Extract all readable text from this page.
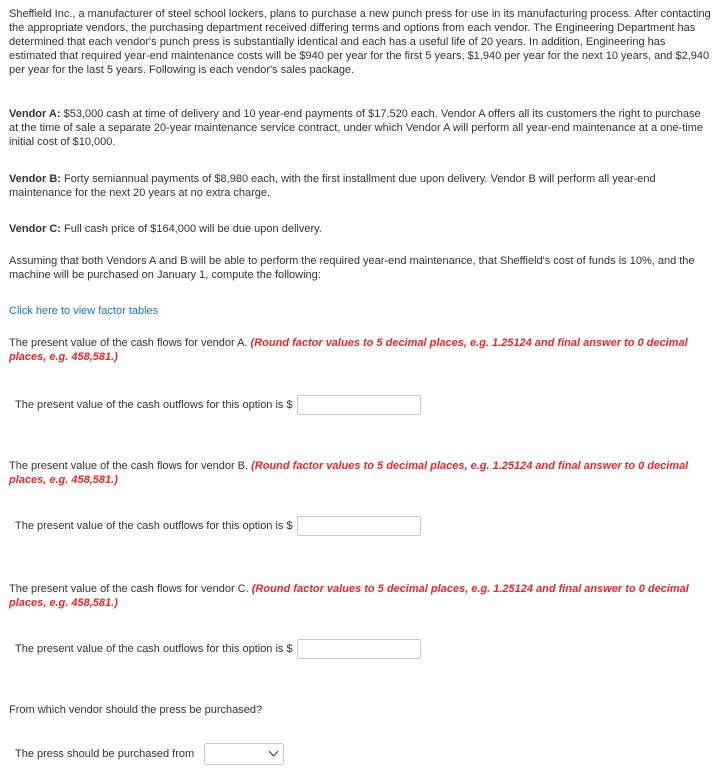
Sheffield Inc., a manufacturer of steel school lockers, plans to purchase a new punch press for use in its manufacturing process. After contacting the appropriate vendors, the purchasing department received differing terms and options from each vendor. The Engineering Department has determined that each vendor's punch press is substantially identical and each has a useful life of 20 years. In addition, Engineering has estimated that required year-end maintenance costs will be $940 per year for the first 5 years, $1,940 per year for the next 10 years, and $2,940 per year for the last 5 years. Following is each vendor's sales package.

Vendor A: $53,000 cash at time of delivery and 10 year-end payments of $17,520 each. Vendor A offers all its customers the right to purchase at the time of sale a separate 20-year maintenance service contract, under which Vendor A will perform all year-end maintenance at a one-time initial cost of $10,000.

Vendor B: Forty semiannual payments of $8,980 each, with the first installment due upon delivery. Vendor B will perform all year-end maintenance for the next 20 years at no extra charge.

Vendor C: Full cash price of $164,000 will be due upon delivery.

Assuming that both Vendors A and B will be able to perform the required year-end maintenance, that Sheffield's cost of funds is 10%, and the machine will be purchased on January 1, compute the following:

Click here to view factor tables

The present value of the cash flows for vendor A. (Round factor values to 5 decimal places, e.g. 1.25124 and final answer to 0 decimal places, e.g. 458,581.)

The present value of the cash outflows for this option is $

The present value of the cash flows for vendor B. (Round factor values to 5 decimal places, e.g. 1.25124 and final answer to 0 decimal places, e.g. 458,581.)

The present value of the cash outflows for this option is $

The present value of the cash flows for vendor C. (Round factor values to 5 decimal places, e.g. 1.25124 and final answer to 0 decimal places, e.g. 458,581.)

The present value of the cash outflows for this option is $

From which vendor should the press be purchased?

The press should be purchased from
